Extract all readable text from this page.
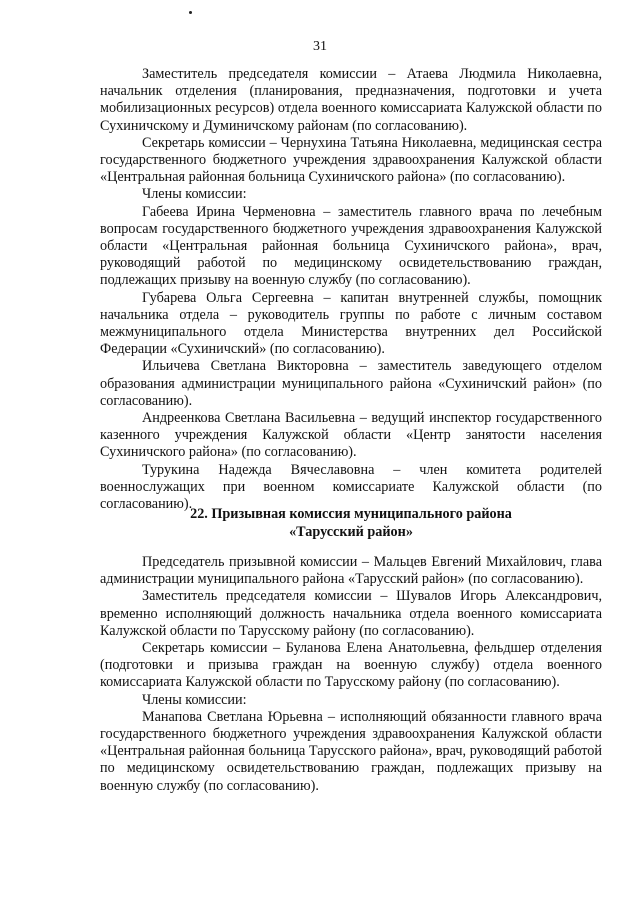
31

Заместитель председателя комиссии – Атаева Людмила Николаевна, начальник отделения (планирования, предназначения, подготовки и учета мобилизационных ресурсов) отдела военного комиссариата Калужской области по Сухиничскому и Думиничскому районам (по согласованию).

Секретарь комиссии – Чернухина Татьяна Николаевна, медицинская сестра государственного бюджетного учреждения здравоохранения Калужской области «Центральная районная больница Сухиничского района» (по согласованию).

Члены комиссии:

Габеева Ирина Черменовна – заместитель главного врача по лечебным вопросам государственного бюджетного учреждения здравоохранения Калужской области «Центральная районная больница Сухиничского района», врач, руководящий работой по медицинскому освидетельствованию граждан, подлежащих призыву на военную службу (по согласованию).

Губарева Ольга Сергеевна – капитан внутренней службы, помощник начальника отдела – руководитель группы по работе с личным составом межмуниципального отдела Министерства внутренних дел Российской Федерации «Сухиничский» (по согласованию).

Ильичева Светлана Викторовна – заместитель заведующего отделом образования администрации муниципального района «Сухиничский район» (по согласованию).

Андреенкова Светлана Васильевна – ведущий инспектор государственного казенного учреждения Калужской области «Центр занятости населения Сухиничского района» (по согласованию).

Турукина Надежда Вячеславовна – член комитета родителей военнослужащих при военном комиссариате Калужской области (по согласованию).

22. Призывная комиссия муниципального района
«Тарусский район»

Председатель призывной комиссии – Мальцев Евгений Михайлович, глава администрации муниципального района «Тарусский район» (по согласованию).

Заместитель председателя комиссии – Шувалов Игорь Александрович, временно исполняющий должность начальника отдела военного комиссариата Калужской области по Тарусскому району (по согласованию).

Секретарь комиссии – Буланова Елена Анатольевна, фельдшер отделения (подготовки и призыва граждан на военную службу) отдела военного комиссариата Калужской области по Тарусскому району (по согласованию).

Члены комиссии:

Манапова Светлана Юрьевна – исполняющий обязанности главного врача государственного бюджетного учреждения здравоохранения Калужской области «Центральная районная больница Тарусского района», врач, руководящий работой по медицинскому освидетельствованию граждан, подлежащих призыву на военную службу (по согласованию).
